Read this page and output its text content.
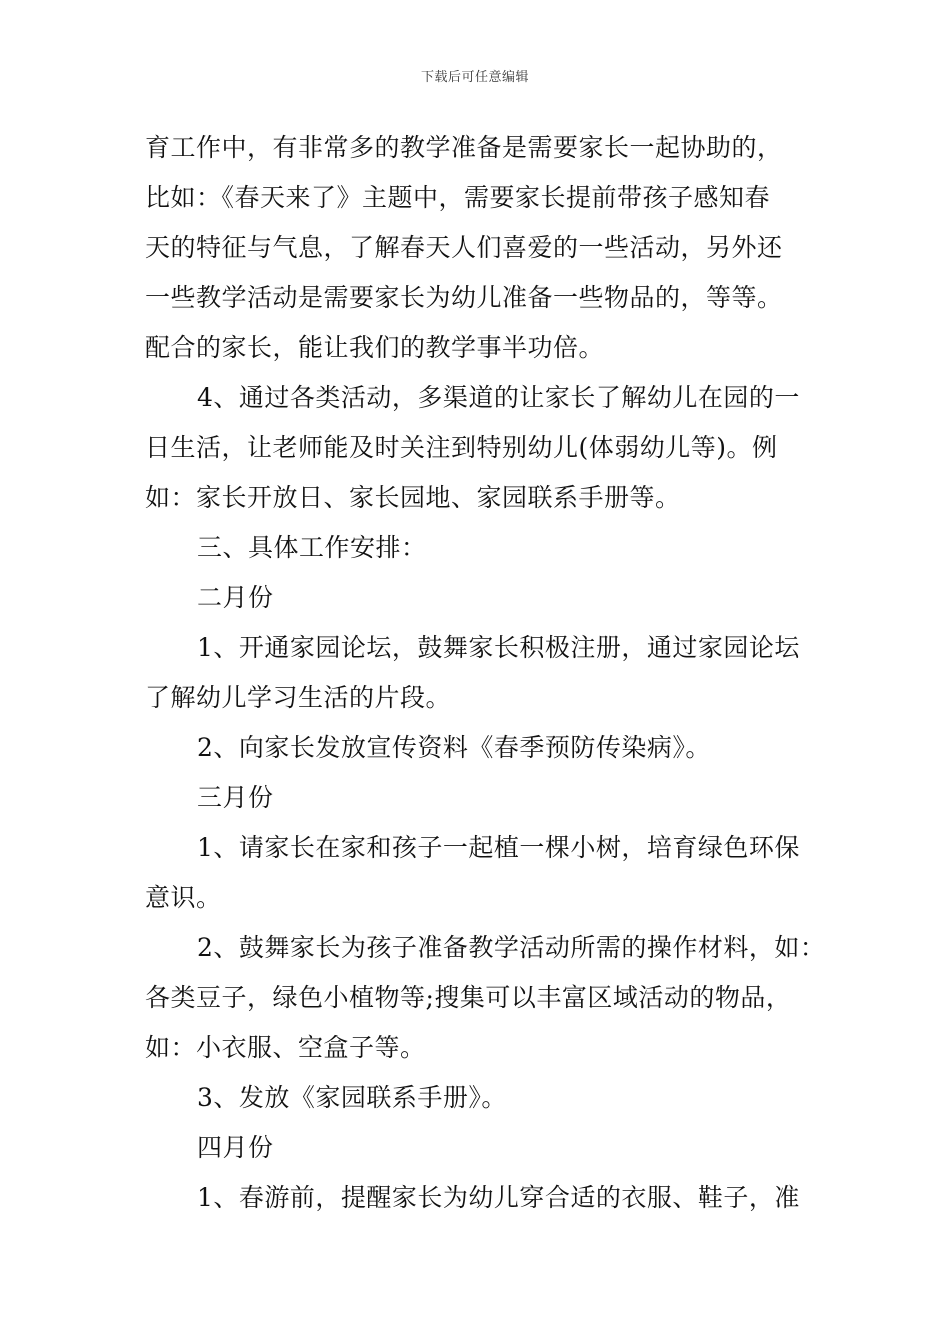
下载后可任意编辑
育工作中，有非常多的教学准备是需要家长一起协助的，
比如：《春天来了》主题中，需要家长提前带孩子感知春
天的特征与气息，了解春天人们喜爱的一些活动，另外还
一些教学活动是需要家长为幼儿准备一些物品的，等等。
配合的家长，能让我们的教学事半功倍。
4、通过各类活动，多渠道的让家长了解幼儿在园的一
日生活，让老师能及时关注到特别幼儿(体弱幼儿等)。例
如：家长开放日、家长园地、家园联系手册等。
三、具体工作安排：
二月份
1、开通家园论坛，鼓舞家长积极注册，通过家园论坛
了解幼儿学习生活的片段。
2、向家长发放宣传资料《春季预防传染病》。
三月份
1、请家长在家和孩子一起植一棵小树，培育绿色环保
意识。
2、鼓舞家长为孩子准备教学活动所需的操作材料，如：
各类豆子，绿色小植物等;搜集可以丰富区域活动的物品，
如：小衣服、空盒子等。
3、发放《家园联系手册》。
四月份
1、春游前，提醒家长为幼儿穿合适的衣服、鞋子，准
